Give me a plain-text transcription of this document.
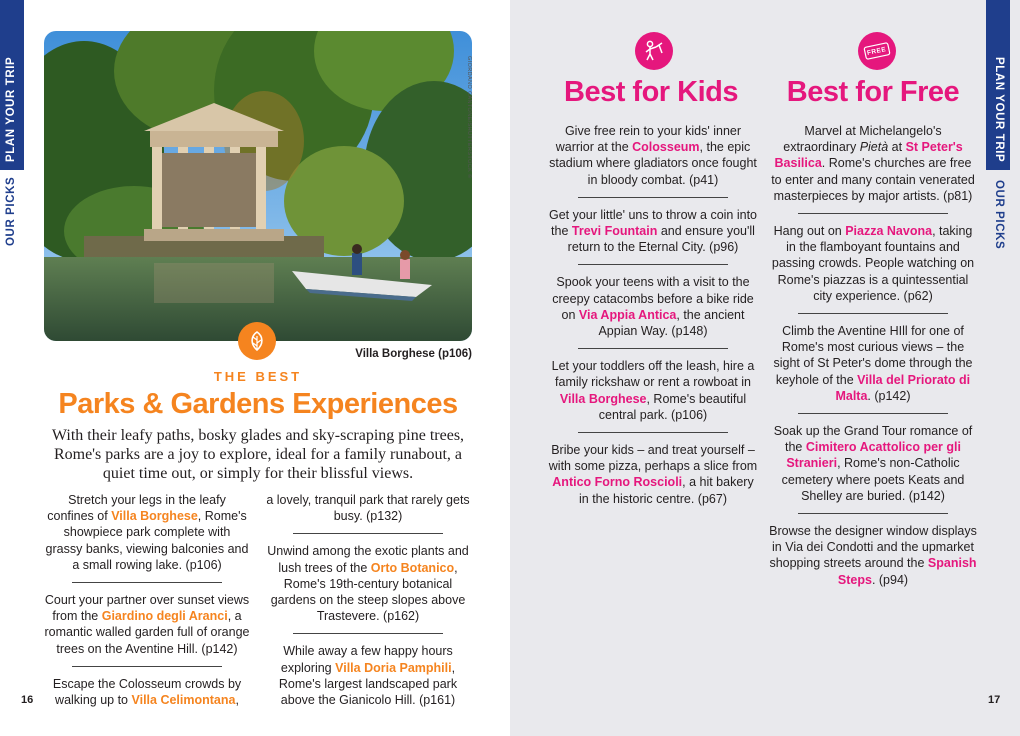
PLAN YOUR TRIP
OUR PICKS
PLAN YOUR TRIP
OUR PICKS
GIORDANO CANTONE/SHUTTERSTOCK ©
Villa Borghese (p106)
THE BEST
Parks & Gardens Experiences
With their leafy paths, bosky glades and sky-scraping pine trees, Rome's parks are a joy to explore, ideal for a family runabout, a quiet time out, or simply for their blissful views.

Stretch your legs in the leafy confines of Villa Borghese, Rome's showpiece park complete with grassy banks, viewing balconies and a small rowing lake. (p106)

Court your partner over sunset views from the Giardino degli Aranci, a romantic walled garden full of orange trees on the Aventine Hill. (p142)

Escape the Colosseum crowds by walking up to Villa Celimontana,

a lovely, tranquil park that rarely gets busy. (p132)

Unwind among the exotic plants and lush trees of the Orto Botanico, Rome's 19th-century botanical gardens on the steep slopes above Trastevere. (p162)

While away a few happy hours exploring Villa Doria Pamphili, Rome's largest landscaped park above the Gianicolo Hill. (p161)

16	17
Best for Kids

Give free rein to your kids' inner warrior at the Colosseum, the epic stadium where gladiators once fought in bloody combat. (p41)

Get your little' uns to throw a coin into the Trevi Fountain and ensure you'll return to the Eternal City. (p96)

Spook your teens with a visit to the creepy catacombs before a bike ride on Via Appia Antica, the ancient Appian Way. (p148)

Let your toddlers off the leash, hire a family rickshaw or rent a rowboat in Villa Borghese, Rome's beautiful central park. (p106)

Bribe your kids – and treat yourself – with some pizza, perhaps a slice from Antico Forno Roscioli, a hit bakery in the historic centre. (p67)

FREE
Best for Free

Marvel at Michelangelo's extraordinary Pietà at St Peter's Basilica. Rome's churches are free to enter and many contain venerated masterpieces by major artists. (p81)

Hang out on Piazza Navona, taking in the flamboyant fountains and passing crowds. People watching on Rome's piazzas is a quintessential city experience. (p62)

Climb the Aventine HIll for one of Rome's most curious views – the sight of St Peter's dome through the keyhole of the Villa del Priorato di Malta. (p142)

Soak up the Grand Tour romance of the Cimitero Acattolico per gli Stranieri, Rome's non-Catholic cemetery where poets Keats and Shelley are buried. (p142)

Browse the designer window displays in Via dei Condotti and the upmarket shopping streets around the Spanish Steps. (p94)
